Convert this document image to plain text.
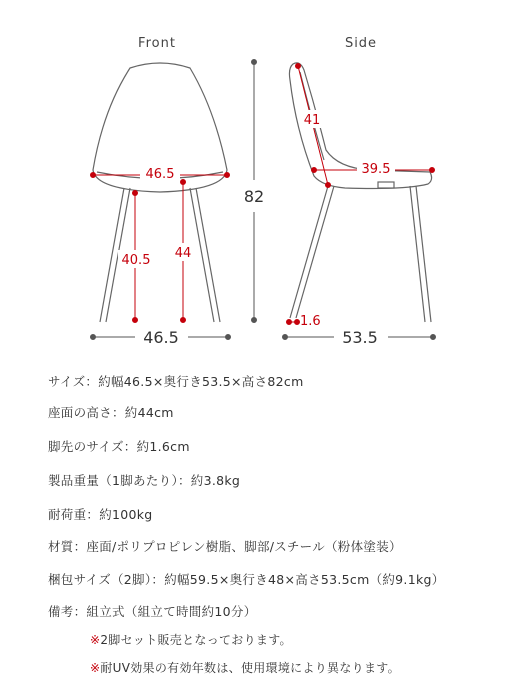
Front	Side
46.5
40.5 44
46.5
82
41
39.5
1.6
53.5
サイズ：約幅46.5×奥行き53.5×高さ82cm
座面の高さ：約44cm
脚先のサイズ：約1.6cm
製品重量（1脚あたり）：約3.8kg
耐荷重：約100kg
材質：座面/ポリプロピレン樹脂、脚部/スチール（粉体塗装）
梱包サイズ（2脚）：約幅59.5×奥行き48×高さ53.5cm（約9.1kg）
備考：組立式（組立て時間約10分）
※2脚セット販売となっております。
※耐UV効果の有効年数は、使用環境により異なります。
